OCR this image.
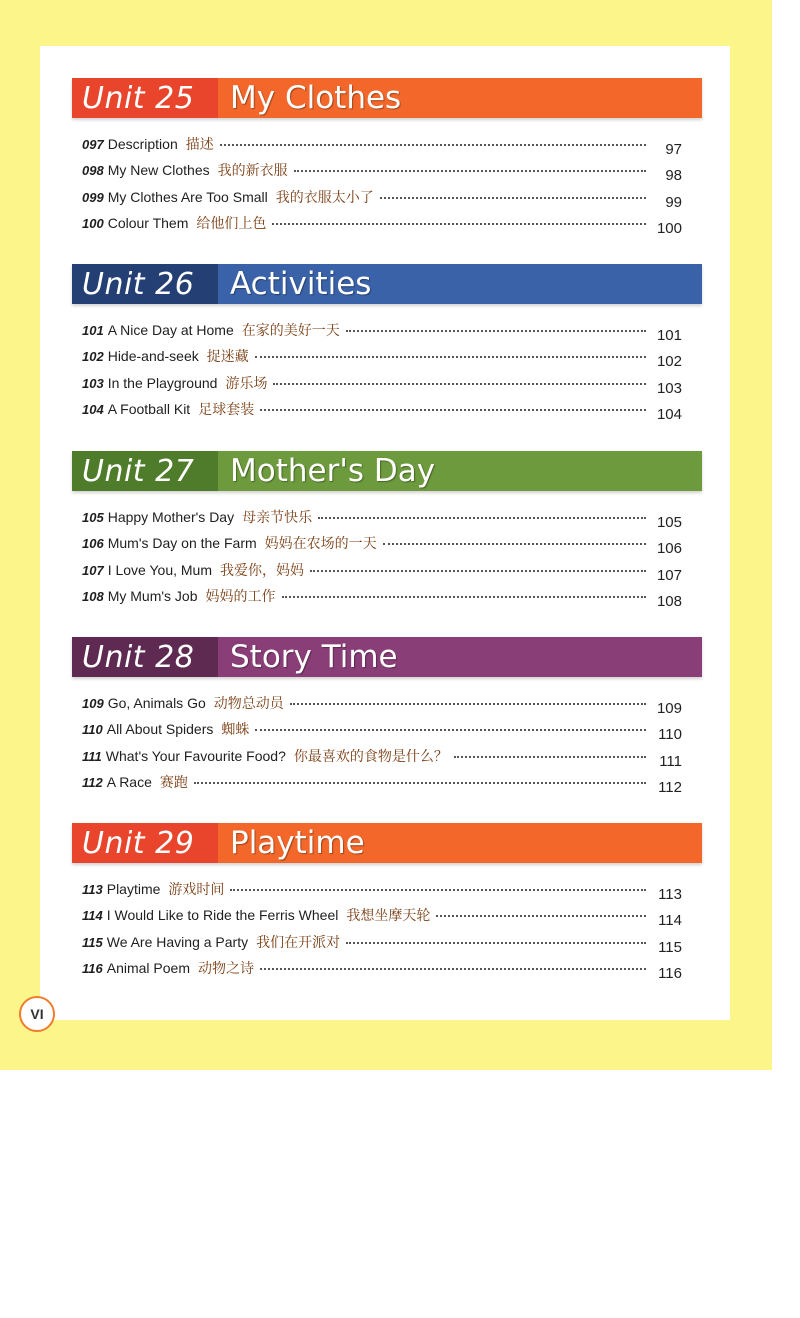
Unit 25	My Clothes
097 Description 描述	97
098 My New Clothes 我的新衣服	98
099 My Clothes Are Too Small 我的衣服太小了	99
100 Colour Them 给他们上色	100
Unit 26	Activities
101 A Nice Day at Home 在家的美好一天	101
102 Hide-and-seek 捉迷藏	102
103 In the Playground 游乐场	103
104 A Football Kit 足球套装	104
Unit 27	Mother's Day
105 Happy Mother's Day 母亲节快乐	105
106 Mum's Day on the Farm 妈妈在农场的一天	106
107 I Love You, Mum 我爱你，妈妈	107
108 My Mum's Job 妈妈的工作	108
Unit 28	Story Time
109 Go, Animals Go 动物总动员	109
110 All About Spiders 蜘蛛	110
111 What's Your Favourite Food? 你最喜欢的食物是什么？	111
112 A Race 赛跑	112
Unit 29	Playtime
113 Playtime 游戏时间	113
114 I Would Like to Ride the Ferris Wheel 我想坐摩天轮	114
115 We Are Having a Party 我们在开派对	115
116 Animal Poem 动物之诗	116
VI
